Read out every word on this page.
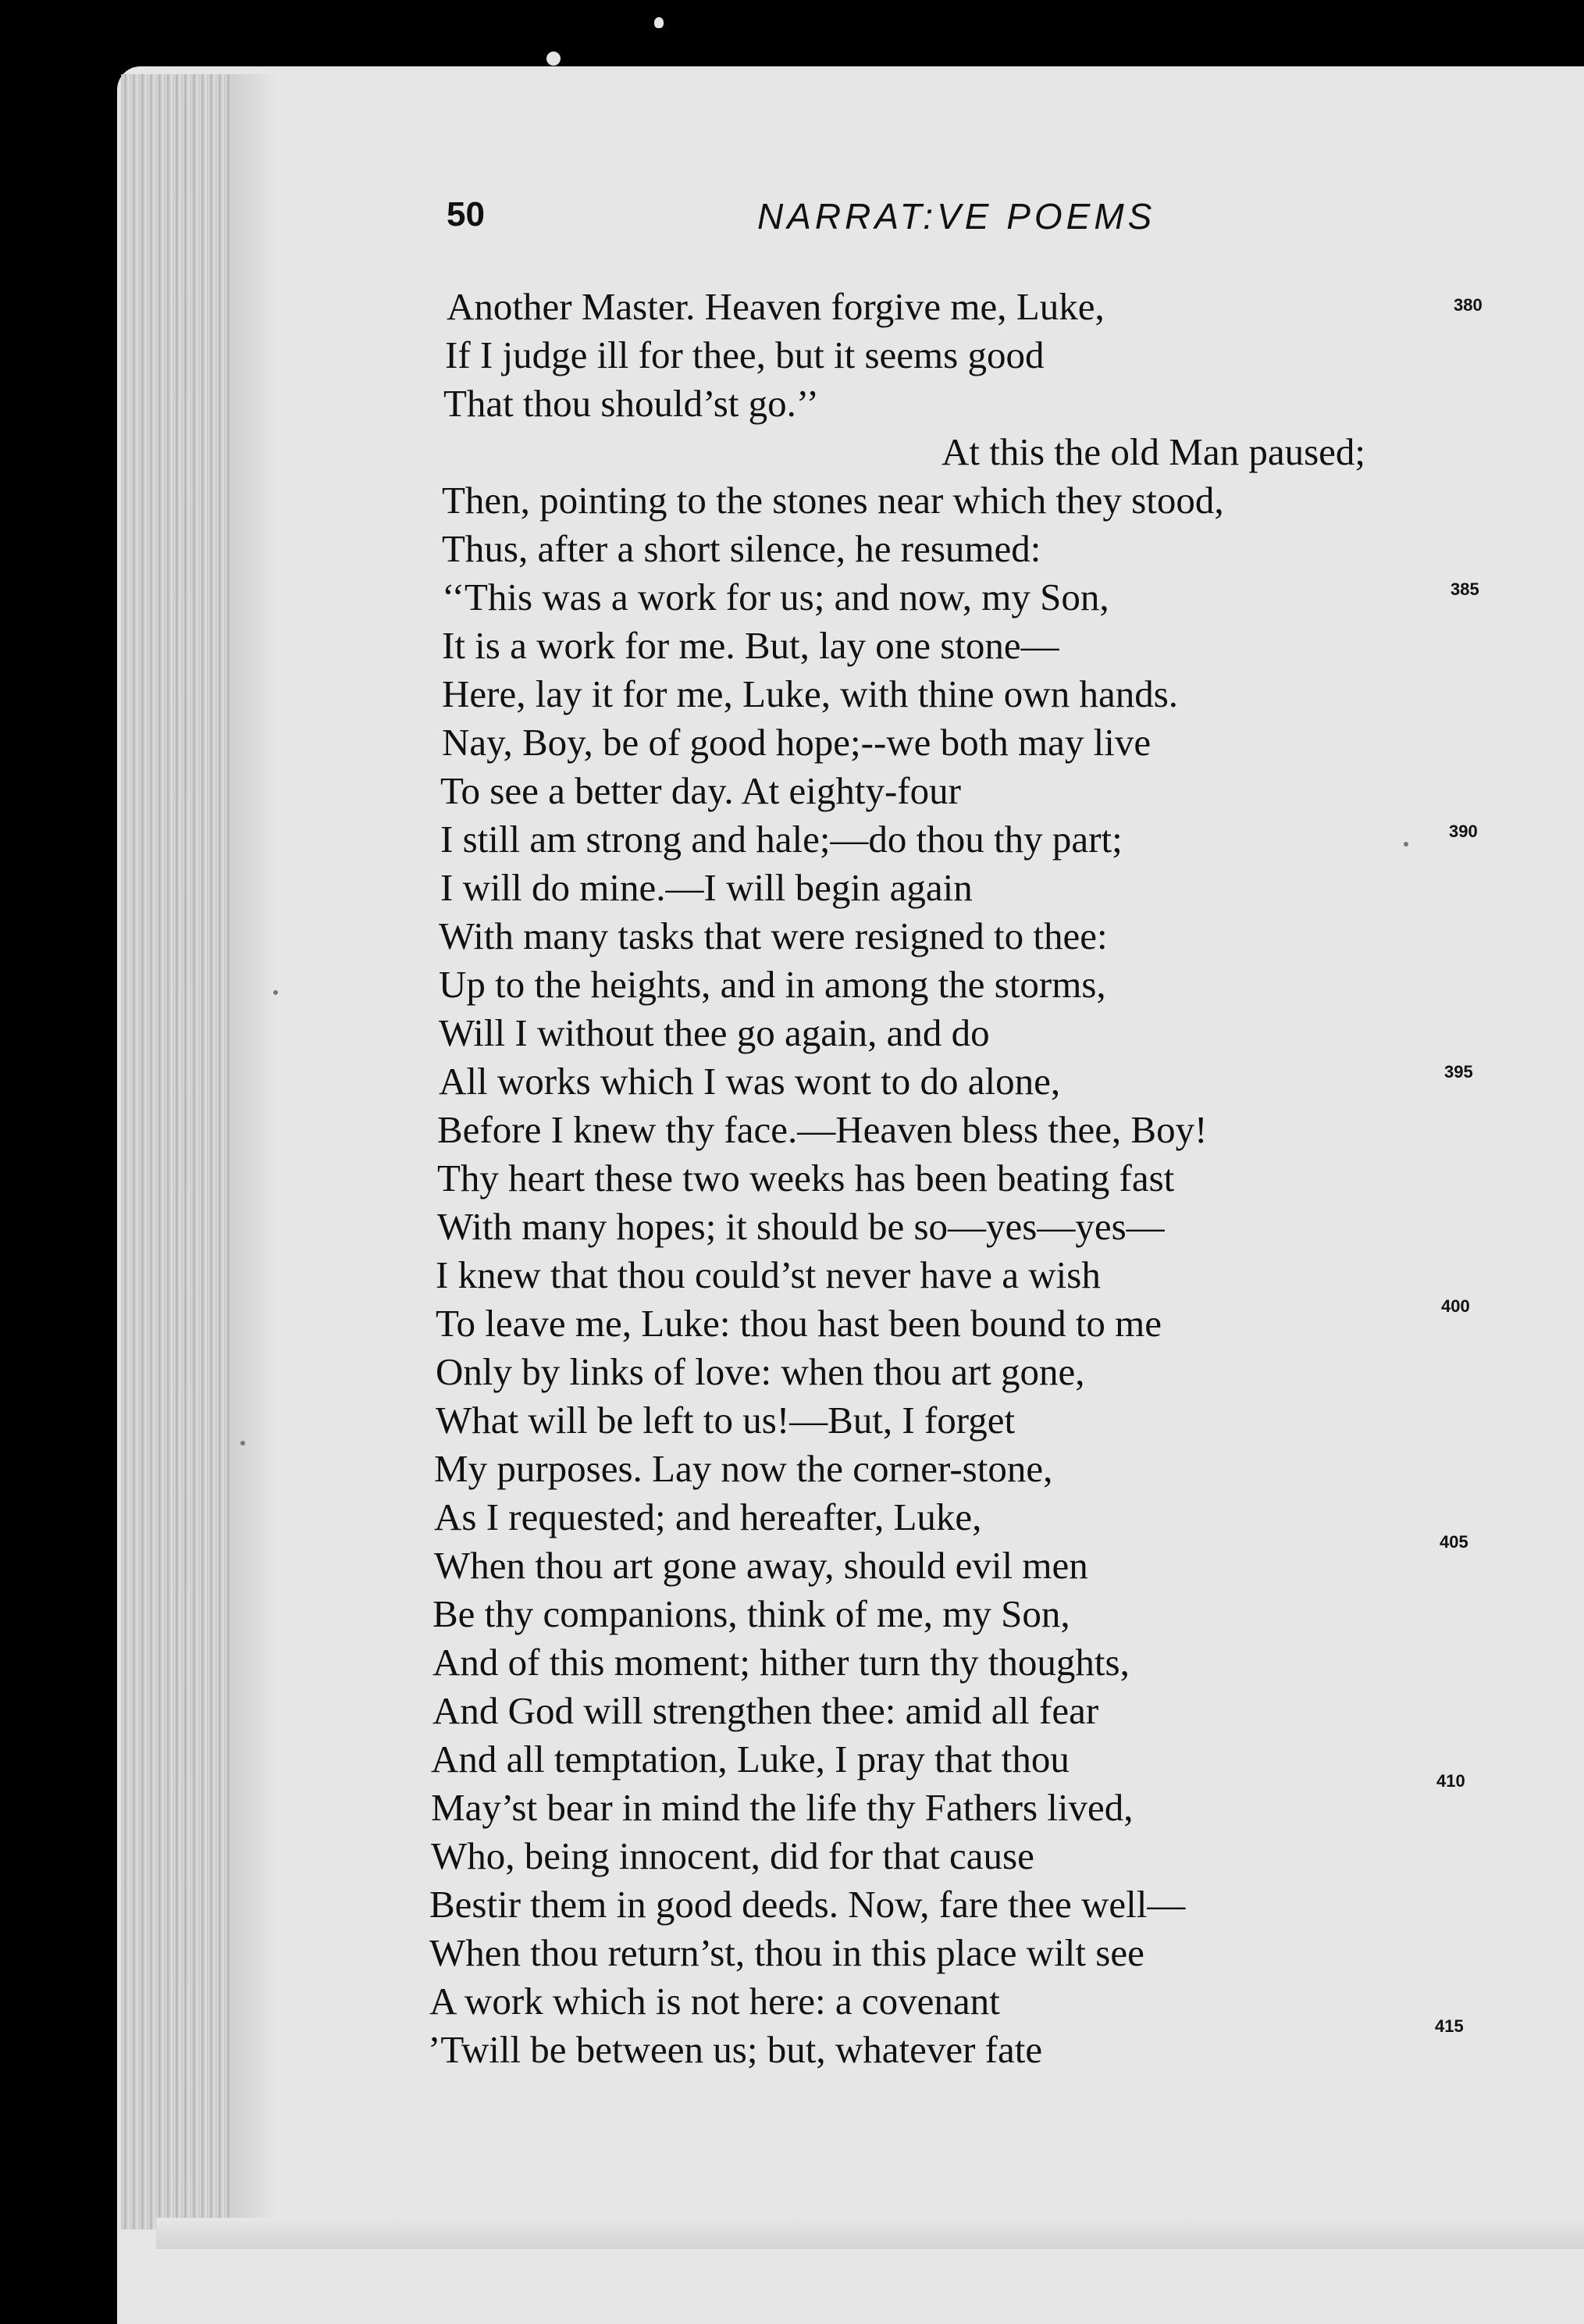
50	NARRAT:VE POEMS
Another Master. Heaven forgive me, Luke,
If I judge ill for thee, but it seems good
That thou should’st go.’’
At this the old Man paused;
Then, pointing to the stones near which they stood,
Thus, after a short silence, he resumed:
‘‘This was a work for us; and now, my Son,
It is a work for me. But, lay one stone—
Here, lay it for me, Luke, with thine own hands.
Nay, Boy, be of good hope;--we both may live
To see a better day. At eighty-four
I still am strong and hale;—do thou thy part;
I will do mine.—I will begin again
With many tasks that were resigned to thee:
Up to the heights, and in among the storms,
Will I without thee go again, and do
All works which I was wont to do alone,
Before I knew thy face.—Heaven bless thee, Boy!
Thy heart these two weeks has been beating fast
With many hopes; it should be so—yes—yes—
I knew that thou could’st never have a wish
To leave me, Luke: thou hast been bound to me
Only by links of love: when thou art gone,
What will be left to us!—But, I forget
My purposes. Lay now the corner-stone,
As I requested; and hereafter, Luke,
When thou art gone away, should evil men
Be thy companions, think of me, my Son,
And of this moment; hither turn thy thoughts,
And God will strengthen thee: amid all fear
And all temptation, Luke, I pray that thou
May’st bear in mind the life thy Fathers lived,
Who, being innocent, did for that cause
Bestir them in good deeds. Now, fare thee well—
When thou return’st, thou in this place wilt see
A work which is not here: a covenant
’Twill be between us; but, whatever fate
380
385
390
395
400
405
410
415
